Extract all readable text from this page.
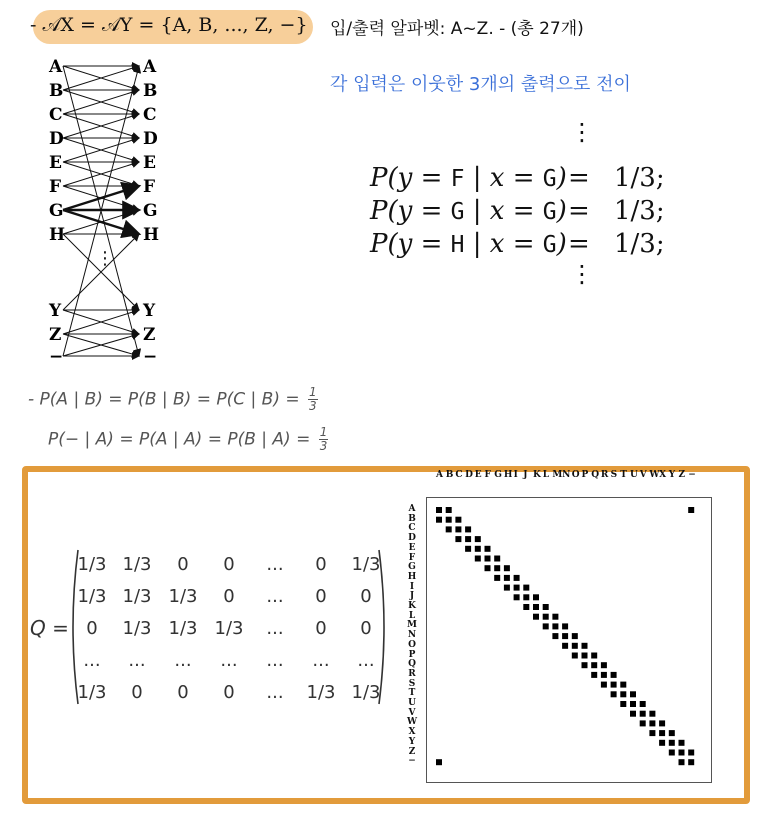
- 𝒜X = 𝒜Y = {A, B, ..., Z, −} 입/출력 알파벳: A~Z. - (총 27개)
각 입력은 이웃한 3개의 출력으로 전이
A
B
C
D
E
F
G
H
Y
Z
−
A
B
C
D
E
F
G
H
Y
Z
−
⋮
⋮
P(y = F | x = G) = 1/3;
P(y = G | x = G) = 1/3;
P(y = H | x = G) = 1/3;
⋮
- P(A | B) = P(B | B) = P(C | $B) = \frac{1}{3}$
P(− | A) = P(A | A) = P(B | $A) = \frac{1}{3}$
Q =
1/3 1/3	0	0	...	0	1/3
1/3 1/3 1/3	0	...	0	0
0	1/3 1/3 1/3	...	0	0
...	...	...	...	...	...	...
1/3	0	0	0	...	1/3 1/3
A B C D E F G H I J K L M N O P Q R S T U V W X Y Z −
A
B
C
D
E
F
G
H
I
J
K
L
M
N
O
P
Q
R
S
T
U
V
W
X
Y
Z
−
